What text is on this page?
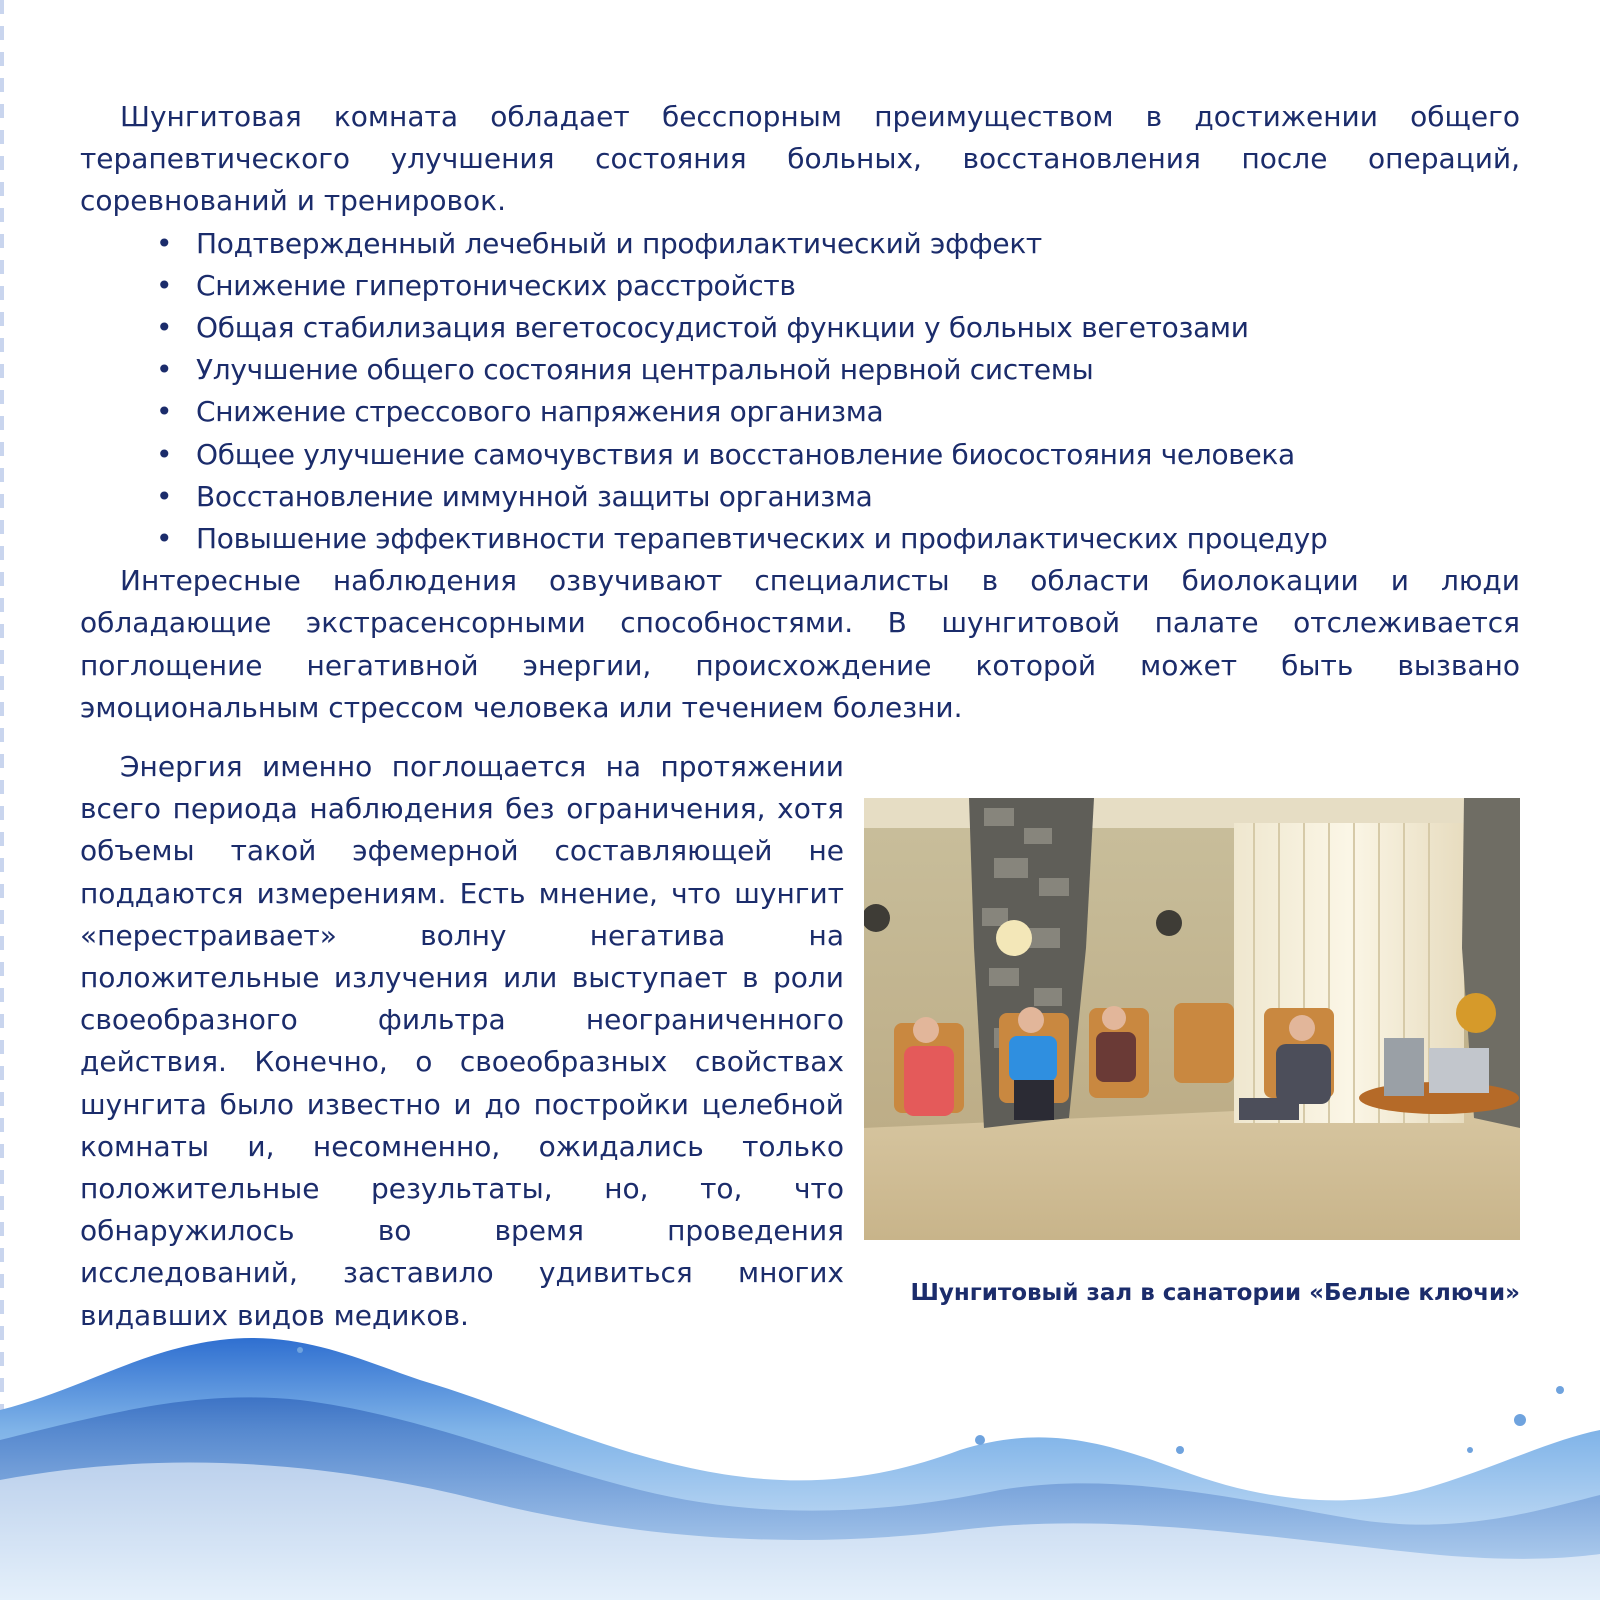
Шунгитовая комната обладает бесспорным преимуществом в достижении общего терапевтического улучшения состояния больных, восстановления после операций, соревнований и тренировок.

• Подтвержденный лечебный и профилактический эффект
• Снижение гипертонических расстройств
• Общая стабилизация вегетососудистой функции у больных вегетозами
• Улучшение общего состояния центральной нервной системы
• Снижение стрессового напряжения организма
• Общее улучшение самочувствия и восстановление биосостояния человека
• Восстановление иммунной защиты организма
• Повышение эффективности терапевтических и профилактических процедур

Интересные наблюдения озвучивают специалисты в области биолокации и люди обладающие экстрасенсорными способностями. В шунгитовой палате отслеживается поглощение негативной энергии, происхождение которой может быть вызвано эмоциональным стрессом человека или течением болезни.

Энергия именно поглощается на протяжении всего периода наблюдения без ограничения, хотя объемы такой эфемерной составляющей не поддаются измерениям. Есть мнение, что шунгит «перестраивает» волну негатива на положительные излучения или выступает в роли своеобразного фильтра неограниченного действия. Конечно, о своеобразных свойствах шунгита было известно и до постройки целебной комнаты и, несомненно, ожидались только положительные результаты, но, то, что обнаружилось во время проведения исследований, заставило удивиться многих видавших видов медиков.

Шунгитовый зал в санатории «Белые ключи»
